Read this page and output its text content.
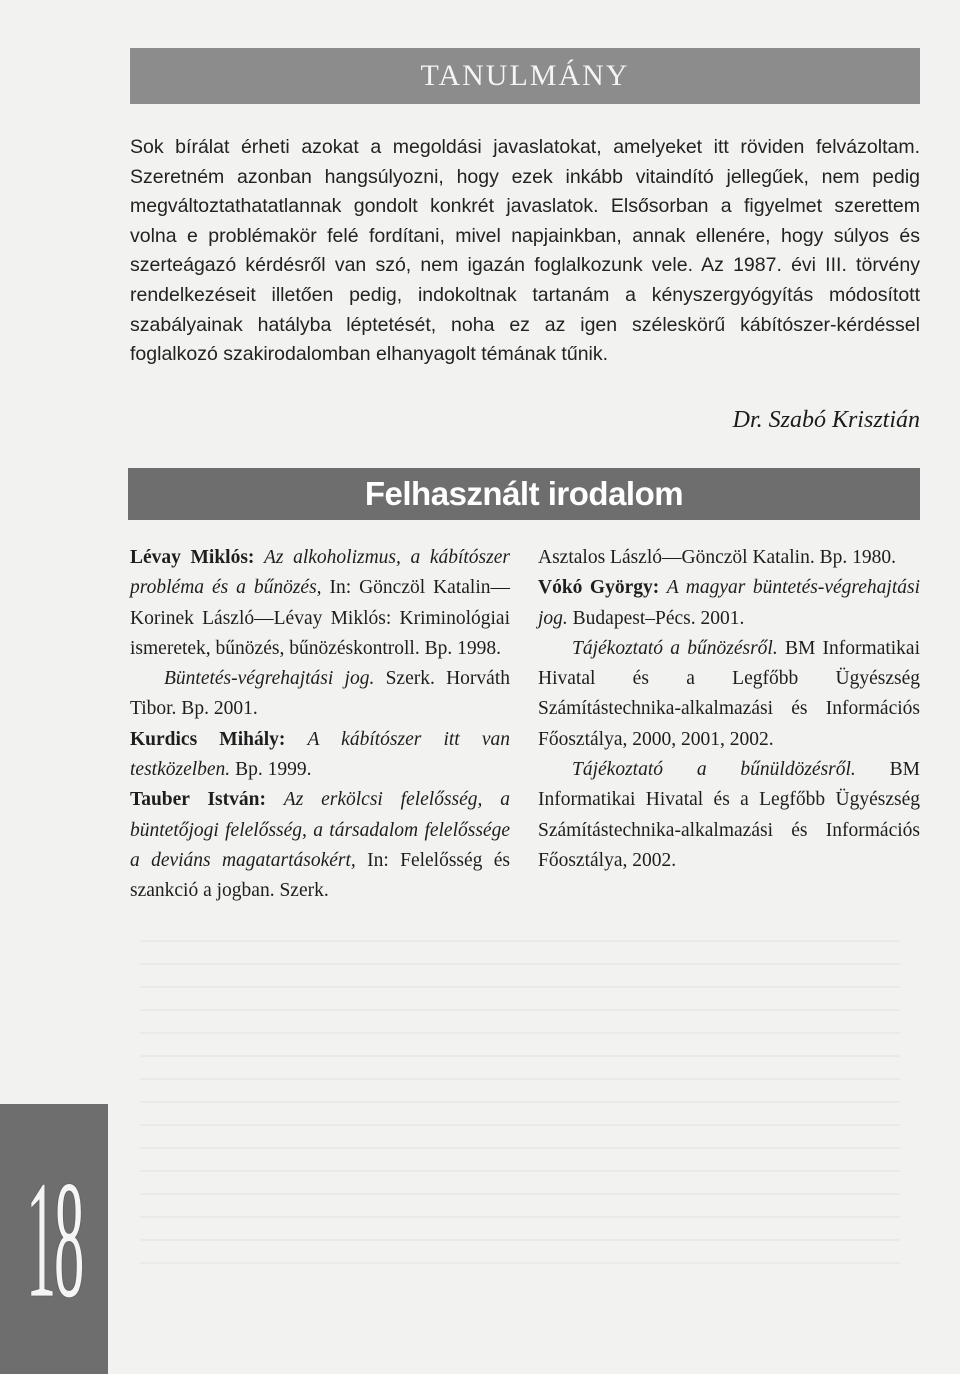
TANULMÁNY

Sok bírálat érheti azokat a megoldási javaslatokat, amelyeket itt röviden felvázoltam. Szeretném azonban hangsúlyozni, hogy ezek inkább vitaindító jellegűek, nem pedig megváltoztathatatlannak gondolt konkrét javaslatok. Elsősorban a figyelmet szerettem volna e problémakör felé fordítani, mivel napjainkban, annak ellenére, hogy súlyos és szerteágazó kérdésről van szó, nem igazán foglalkozunk vele. Az 1987. évi III. törvény rendelkezéseit illetően pedig, indokoltnak tartanám a kényszergyógyítás módosított szabályainak hatályba léptetését, noha ez az igen széleskörű kábítószer-kérdéssel foglalkozó szakirodalomban elhanyagolt témának tűnik.

Dr. Szabó Krisztián
Felhasznált irodalom

Lévay Miklós: Az alkoholizmus, a kábítószer probléma és a bűnözés, In: Gönczöl Katalin—Korinek László—Lévay Miklós: Kriminológiai ismeretek, bűnözés, bűnözéskontroll. Bp. 1998.

Büntetés-végrehajtási jog. Szerk. Horváth Tibor. Bp. 2001.

Kurdics Mihály: A kábítószer itt van testközelben. Bp. 1999.

Tauber István: Az erkölcsi felelősség, a büntetőjogi felelősség, a társadalom felelőssége a deviáns magatartásokért, In: Felelősség és szankció a jogban. Szerk.

Asztalos László—Gönczöl Katalin. Bp. 1980.

Vókó György: A magyar büntetés-végrehajtási jog. Budapest–Pécs. 2001.

Tájékoztató a bűnözésről. BM Informatikai Hivatal és a Legfőbb Ügyészség Számítástechnika-alkalmazási és Információs Főosztálya, 2000, 2001, 2002.

Tájékoztató a bűnüldözésről. BM Informatikai Hivatal és a Legfőbb Ügyészség Számítástechnika-alkalmazási és Információs Főosztálya, 2002.

18
